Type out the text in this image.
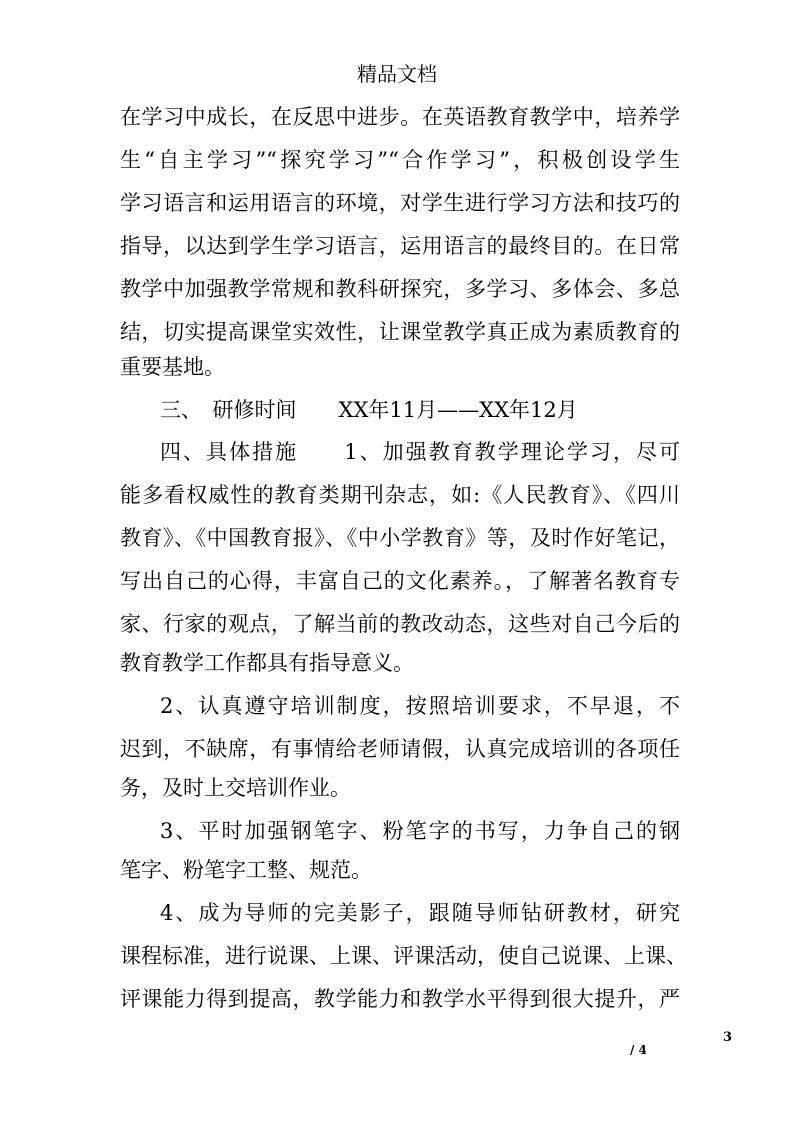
精品文档
在学习中成长，在反思中进步。在英语教育教学中，培养学
生“自主学习”“探究学习”“合作学习”，积极创设学生
学习语言和运用语言的环境，对学生进行学习方法和技巧的
指导，以达到学生学习语言，运用语言的最终目的。在日常
教学中加强教学常规和教科研探究，多学习、多体会、多总
结，切实提高课堂实效性，让课堂教学真正成为素质教育的
重要基地。
三、　研修时间　　XX年11月——XX年12月
四、具体措施　　1、加强教育教学理论学习，尽可
能多看权威性的教育类期刊杂志，如:《人民教育》、《四川
教育》、《中国教育报》、《中小学教育》等，及时作好笔记，
写出自己的心得，丰富自己的文化素养。，了解著名教育专
家、行家的观点，了解当前的教改动态，这些对自己今后的
教育教学工作都具有指导意义。
2、认真遵守培训制度，按照培训要求，不早退，不
迟到，不缺席，有事情给老师请假，认真完成培训的各项任
务，及时上交培训作业。
3、平时加强钢笔字、粉笔字的书写，力争自己的钢
笔字、粉笔字工整、规范。
4、成为导师的完美影子，跟随导师钻研教材，研究
课程标准，进行说课、上课、评课活动，使自己说课、上课、
评课能力得到提高，教学能力和教学水平得到很大提升，严
3
/ 4
